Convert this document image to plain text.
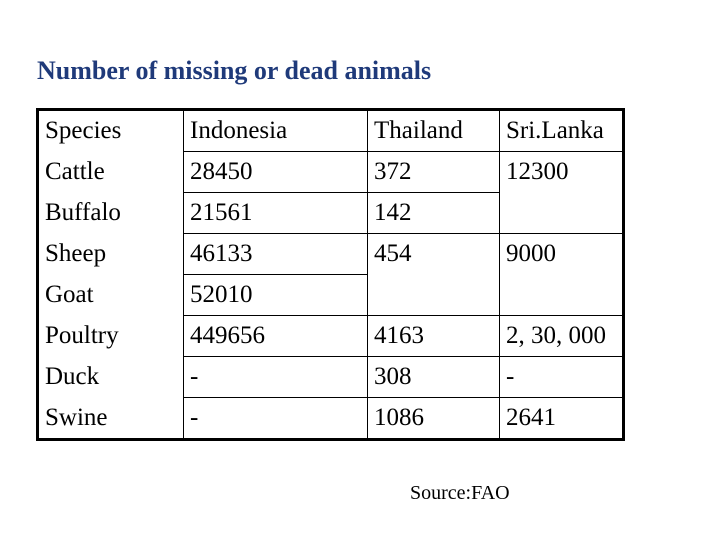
Number of missing or dead animals
Species	Indonesia	Thailand	Sri.Lanka
Cattle	28450	372	12300
Buffalo	21561	142	
Sheep	46133	454	9000
Goat	52010		
Poultry	449656	4163	2, 30, 000
Duck	-	308	-
Swine	-	1086	2641
Source:FAO
